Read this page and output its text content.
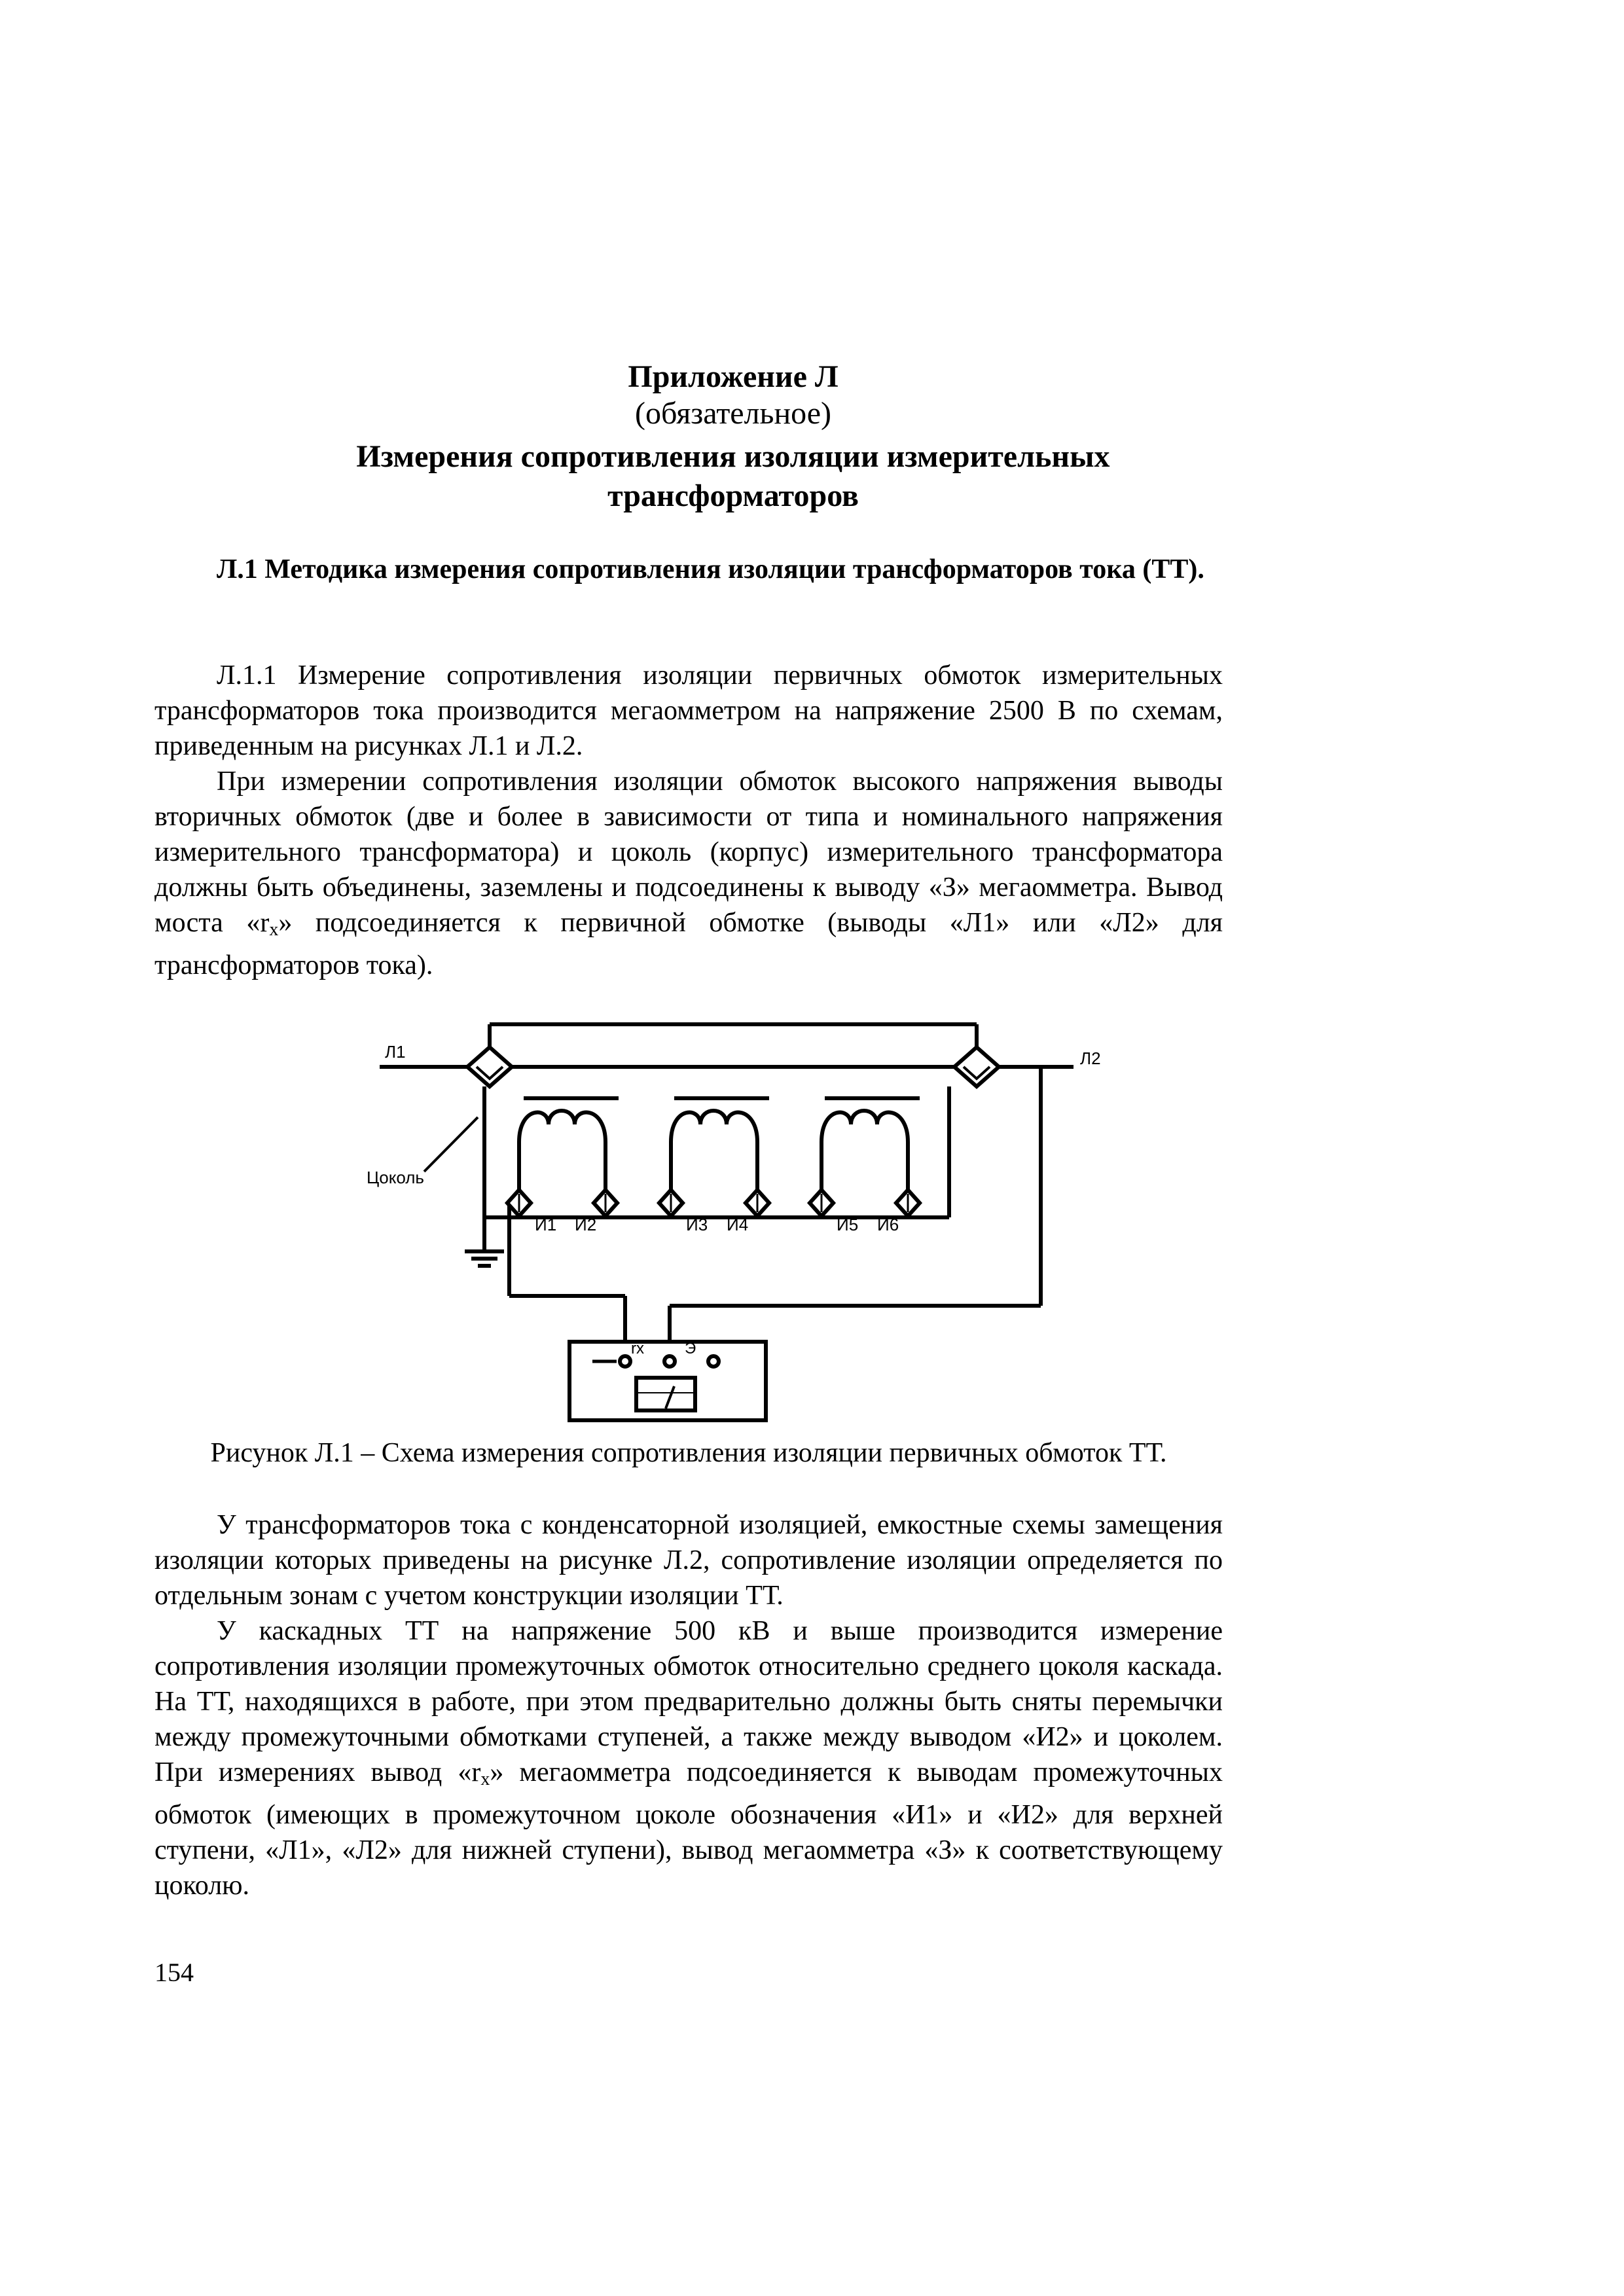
Приложение Л
(обязательное)
Измерения сопротивления изоляции измерительных
трансформаторов
Л.1 Методика измерения сопротивления изоляции трансформаторов тока (ТТ).
Л.1.1 Измерение сопротивления изоляции первичных обмоток измерительных трансформаторов тока производится мегаомметром на напряжение 2500 В по схемам, приведенным на рисунках Л.1 и Л.2.
При измерении сопротивления изоляции обмоток высокого напряжения выводы вторичных обмоток (две и более в зависимости от типа и номинального напряжения измерительного трансформатора) и цоколь (корпус) измерительного трансформатора должны быть объединены, заземлены и подсоединены к выводу «З» мегаомметра. Вывод моста «rx» подсоединяется к первичной обмотке (выводы «Л1» или «Л2» для трансформаторов тока).
Л1	Л2
Цоколь
И1 И2	И3 И4	И5 И6
rx	Э
Рисунок Л.1 – Схема измерения сопротивления изоляции первичных обмоток ТТ.
У трансформаторов тока с конденсаторной изоляцией, емкостные схемы замещения изоляции которых приведены на рисунке Л.2, сопротивление изоляции определяется по отдельным зонам с учетом конструкции изоляции ТТ.
У каскадных ТТ на напряжение 500 кВ и выше производится измерение сопротивления изоляции промежуточных обмоток относительно среднего цоколя каскада. На ТТ, находящихся в работе, при этом предварительно должны быть сняты перемычки между промежуточными обмотками ступеней, а также между выводом «И2» и цоколем. При измерениях вывод «rx» мегаомметра подсоединяется к выводам промежуточных обмоток (имеющих в промежуточном цоколе обозначения «И1» и «И2» для верхней ступени, «Л1», «Л2» для нижней ступени), вывод мегаомметра «З» к соответствующему цоколю.
154
